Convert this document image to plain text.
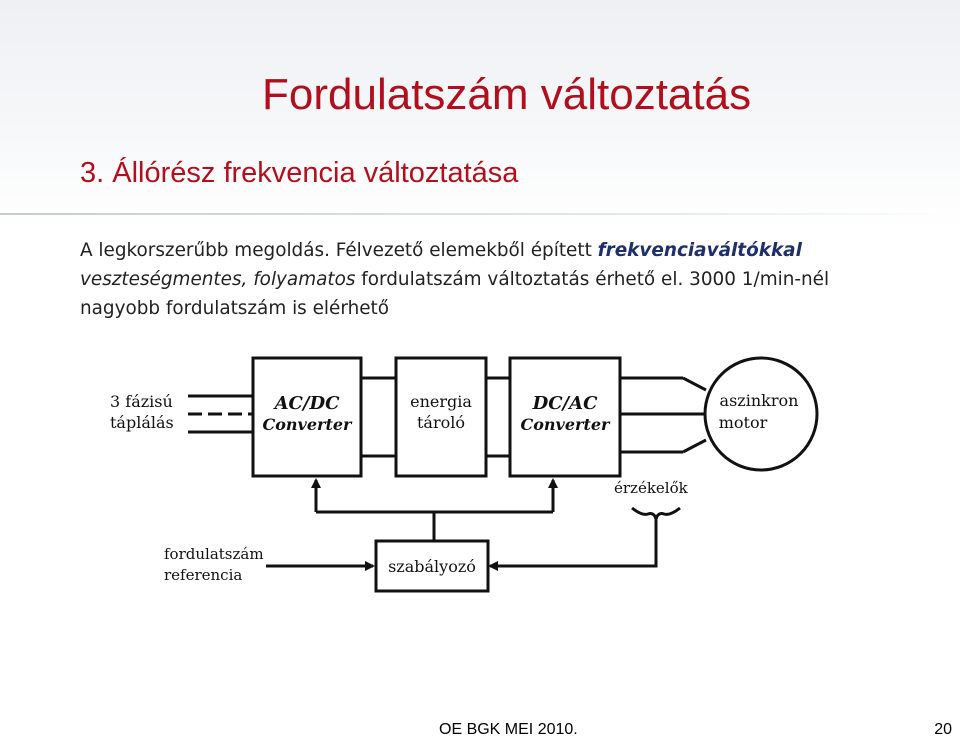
Fordulatszám változtatás
3. Állórész frekvencia változtatása
A legkorszerűbb megoldás. Félvezető elemekből épített frekvenciaváltókkal veszteségmentes, folyamatos fordulatszám változtatás érhető el. 3000 1/min-nél nagyobb fordulatszám is elérhető
3 fázisú
táplálás
AC/DC
Converter
energia
tároló
DC/AC
Converter
aszinkron
motor
érzékelők
fordulatszám
referencia	szabályozó
OE BGK MEI 2010.	20
